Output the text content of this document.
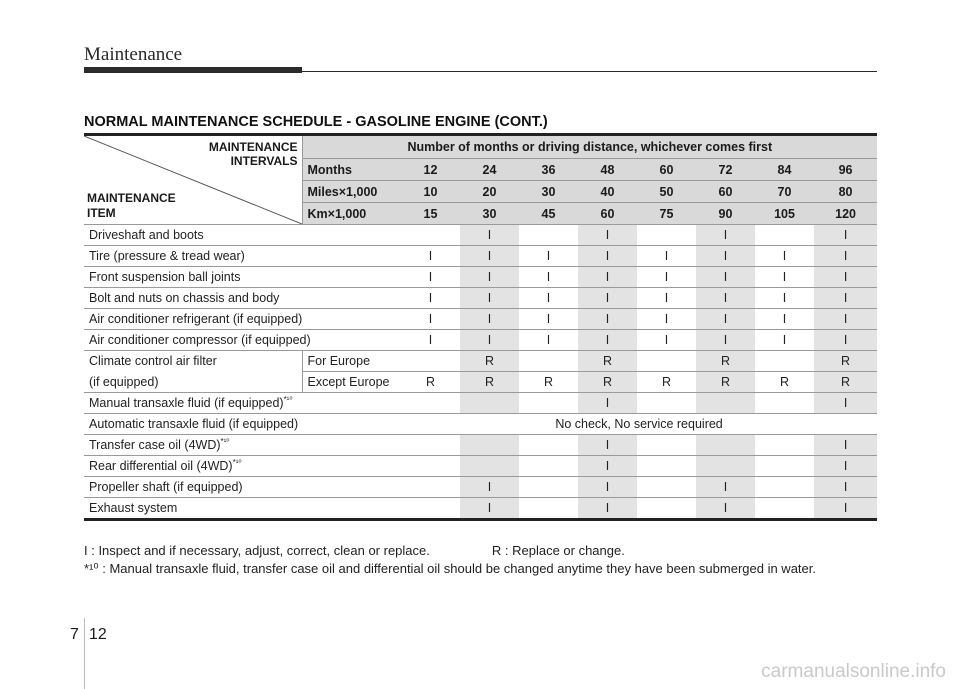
Maintenance
NORMAL MAINTENANCE SCHEDULE - GASOLINE ENGINE (CONT.)
MAINTENANCE
INTERVALS
MAINTENANCE
ITEM	Number of months or driving distance, whichever comes first								
	Months	12	24	36	48	60	72	84	96
	Miles×1,000	10	20	30	40	50	60	70	80
	Km×1,000	15	30	45	60	75	90	105	120
Driveshaft and boots			I		I		I		I
Tire (pressure & tread wear)		I	I	I	I	I	I	I	I
Front suspension ball joints		I	I	I	I	I	I	I	I
Bolt and nuts on chassis and body		I	I	I	I	I	I	I	I
Air conditioner refrigerant (if equipped)		I	I	I	I	I	I	I	I
Air conditioner compressor (if equipped)		I	I	I	I	I	I	I	I
Climate control air filter	For Europe		R		R		R		R
(if equipped)	Except Europe	R	R	R	R	R	R	R	R
Manual transaxle fluid (if equipped)$^{*^{10}}$					I				I
Automatic transaxle fluid (if equipped)		No check, No service required							
Transfer case oil $(4WD)^{*^{10}}$					I				I
Rear differential oil $(4WD)^{*^{10}}$					I				I
Propeller shaft (if equipped)			I		I		I		I
Exhaust system			I		I		I		I
I : Inspect and if necessary, adjust, correct, clean or replace.	R : Replace or change.
*¹⁰ : Manual transaxle fluid, transfer case oil and differential oil should be changed anytime they have been submerged in water.
7 12
carmanualsonline.info
